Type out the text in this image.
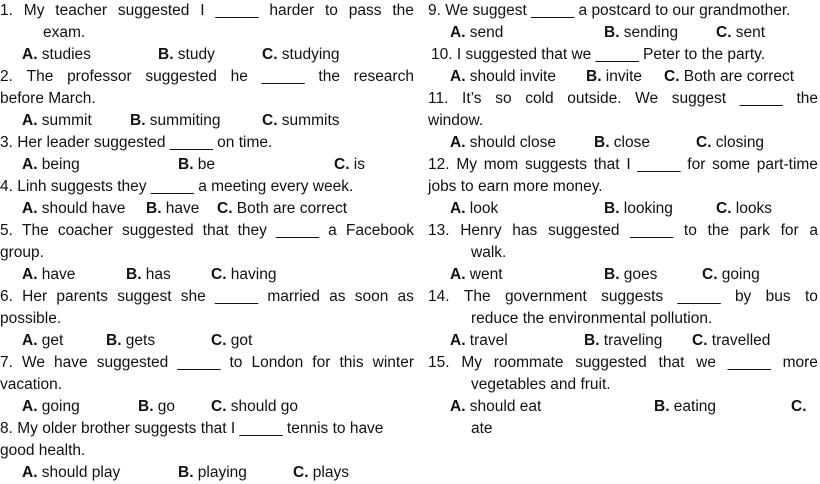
1. My teacher suggested I _____ harder to pass the
exam.
A. studies	B. study	C. studying
2. The professor suggested he _____ the research
before March.
A. summit B. summiting	C. summits
3. Her leader suggested _____ on time.
A. being	B. be	C. is
4. Linh suggests they _____ a meeting every week.
A. should have B. have C. Both are correct
5. The coacher suggested that they _____ a Facebook
group.
A. have	B. has	C. having
6. Her parents suggest she _____ married as soon as
possible.
A. get	B. gets	C. got
7. We have suggested _____ to London for this winter
vacation.
A. going	B. go C. should go
8. My older brother suggests that I _____ tennis to have
good health.
A. should play	B. playing	C. plays
9. We suggest _____ a postcard to our grandmother.
A. send	B. sending C. sent
10. I suggested that we _____ Peter to the party.
A. should invite B. invite C. Both are correct
11. It’s so cold outside. We suggest _____ the
window.
A. should close B. close	C. closing
12. My mom suggests that I _____ for some part-time
jobs to earn more money.
A. look	B. looking	C. looks
13. Henry has suggested _____ to the park for a
walk.
A. went	B. goes	C. going
14. The government suggests _____ by bus to
reduce the environmental pollution.
A. travel	B. traveling C. travelled
15. My roommate suggested that we _____ more
vegetables and fruit.
A. should eat	B. eating	C.
ate
